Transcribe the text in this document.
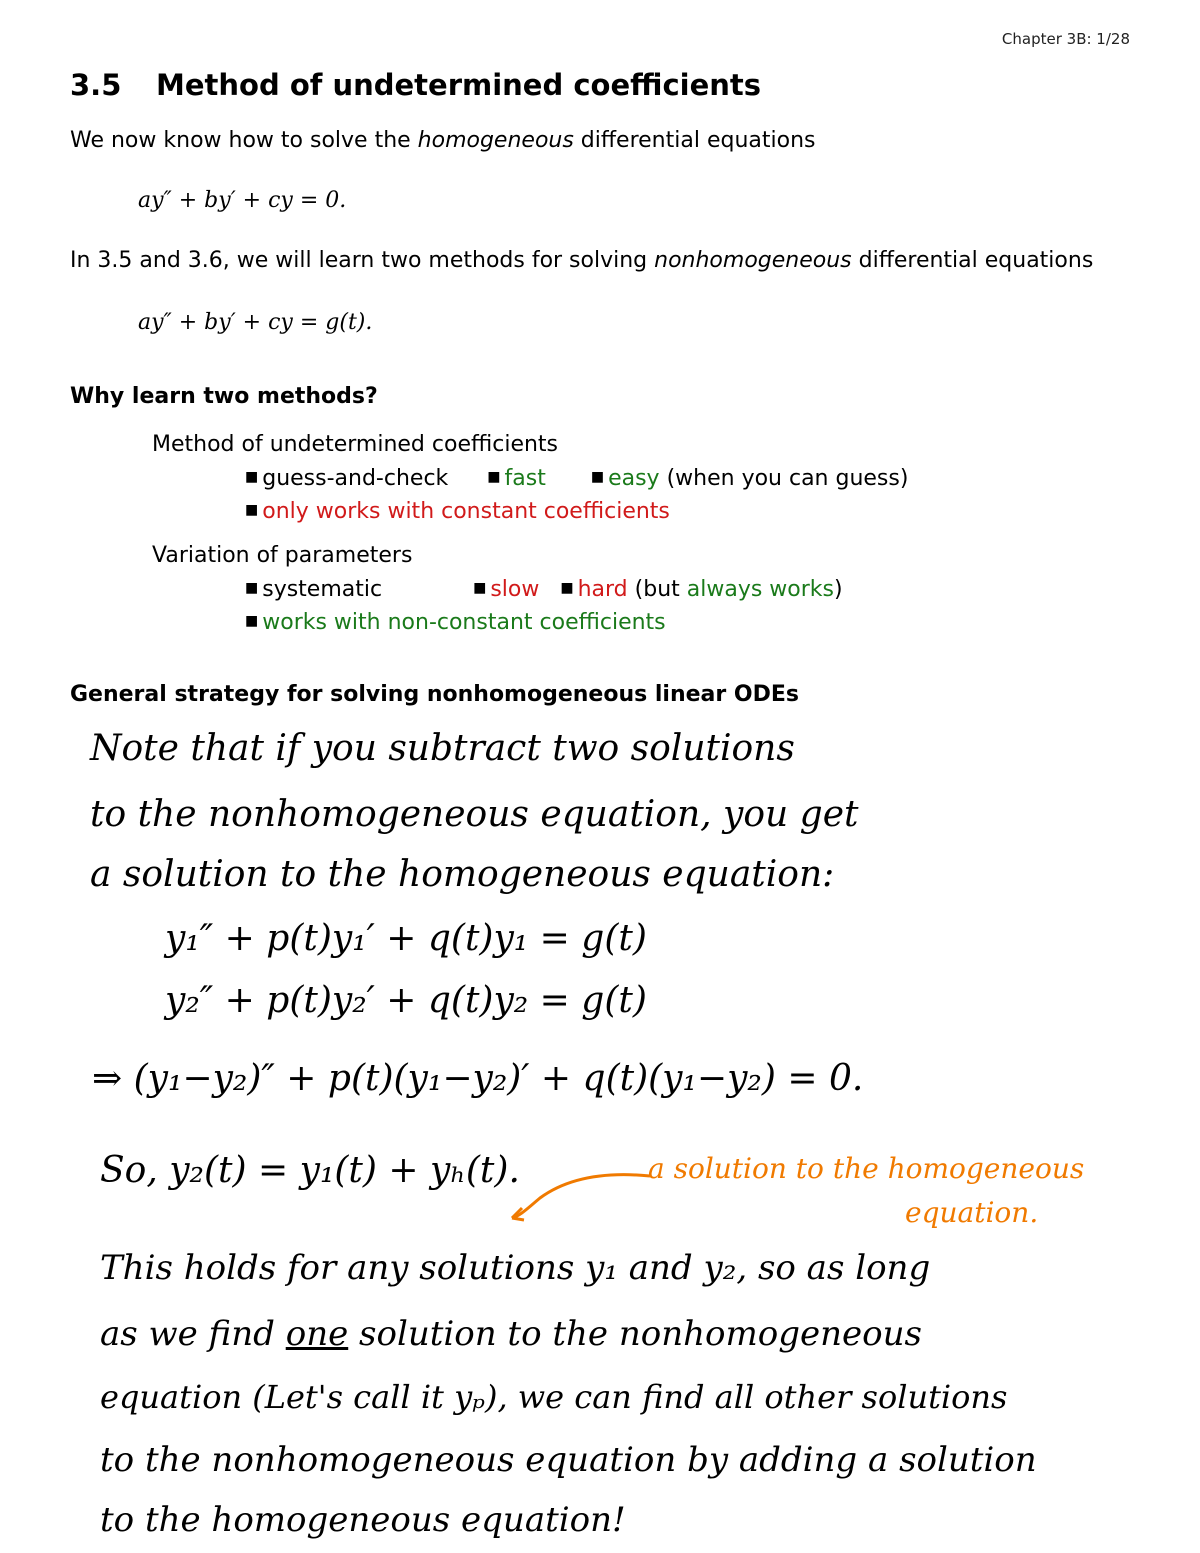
Chapter 3B: 1/28
3.5 Method of undetermined coefficients
We now know how to solve the homogeneous differential equations
ay″ + by′ + cy = 0.
In 3.5 and 3.6, we will learn two methods for solving nonhomogeneous differential equations
ay″ + by′ + cy = g(t).
Why learn two methods?
Method of undetermined coefficients
■ guess-and-check	■ fast	■ easy (when you can guess)
■ only works with constant coefficients
Variation of parameters
■ systematic	■ slow ■ hard (but always works)
■ works with non-constant coefficients
General strategy for solving nonhomogeneous linear ODEs
Note that if you subtract two solutions
to the nonhomogeneous equation, you get
a solution to the homogeneous equation:
y₁″ + p(t)y₁′ + q(t)y₁ = g(t)
y₂″ + p(t)y₂′ + q(t)y₂ = g(t)
⇒ (y₁−y₂)″ + p(t)(y₁−y₂)′ + q(t)(y₁−y₂) = 0.
So, y₂(t) = y₁(t) + yₕ(t).	a solution to the homogeneous
equation.
This holds for any solutions y₁ and y₂, so as long
as we find one solution to the nonhomogeneous
equation (Let's call it yₚ), we can find all other solutions
to the nonhomogeneous equation by adding a solution
to the homogeneous equation!
